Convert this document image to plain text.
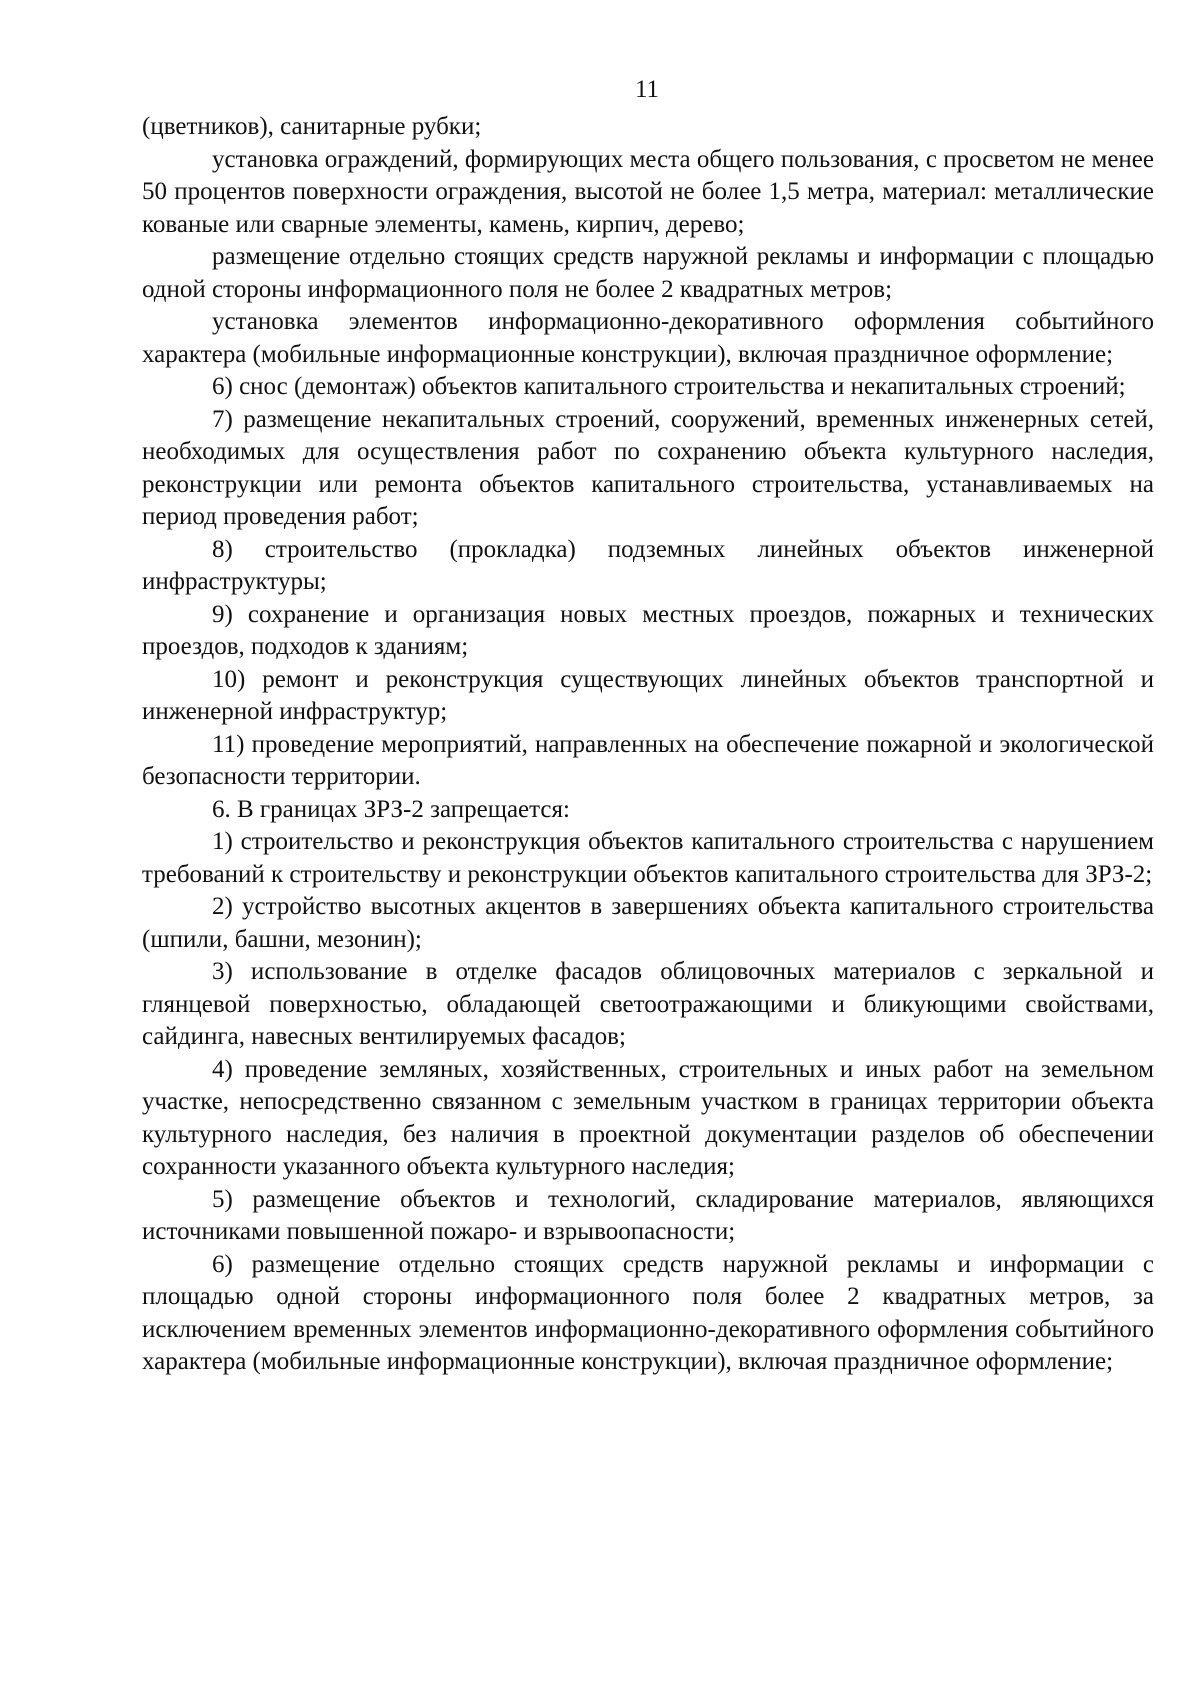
11

(цветников), санитарные рубки;

установка ограждений, формирующих места общего пользования, с просветом не менее 50 процентов поверхности ограждения, высотой не более 1,5 метра, материал: металлические кованые или сварные элементы, камень, кирпич, дерево;

размещение отдельно стоящих средств наружной рекламы и информации с площадью одной стороны информационного поля не более 2 квадратных метров;

установка элементов информационно-декоративного оформления событийного характера (мобильные информационные конструкции), включая праздничное оформление;

6) снос (демонтаж) объектов капитального строительства и некапитальных строений;

7) размещение некапитальных строений, сооружений, временных инженерных сетей, необходимых для осуществления работ по сохранению объекта культурного наследия, реконструкции или ремонта объектов капитального строительства, устанавливаемых на период проведения работ;

8) строительство (прокладка) подземных линейных объектов инженерной инфраструктуры;

9) сохранение и организация новых местных проездов, пожарных и технических проездов, подходов к зданиям;

10) ремонт и реконструкция существующих линейных объектов транспортной и инженерной инфраструктур;

11) проведение мероприятий, направленных на обеспечение пожарной и экологической безопасности территории.

6. В границах ЗРЗ-2 запрещается:

1) строительство и реконструкция объектов капитального строительства с нарушением требований к строительству и реконструкции объектов капитального строительства для ЗРЗ-2;

2) устройство высотных акцентов в завершениях объекта капитального строительства (шпили, башни, мезонин);

3) использование в отделке фасадов облицовочных материалов с зеркальной и глянцевой поверхностью, обладающей светоотражающими и бликующими свойствами, сайдинга, навесных вентилируемых фасадов;

4) проведение земляных, хозяйственных, строительных и иных работ на земельном участке, непосредственно связанном с земельным участком в границах территории объекта культурного наследия, без наличия в проектной документации разделов об обеспечении сохранности указанного объекта культурного наследия;

5) размещение объектов и технологий, складирование материалов, являющихся источниками повышенной пожаро- и взрывоопасности;

6) размещение отдельно стоящих средств наружной рекламы и информации с площадью одной стороны информационного поля более 2 квадратных метров, за исключением временных элементов информационно-декоративного оформления событийного характера (мобильные информационные конструкции), включая праздничное оформление;
